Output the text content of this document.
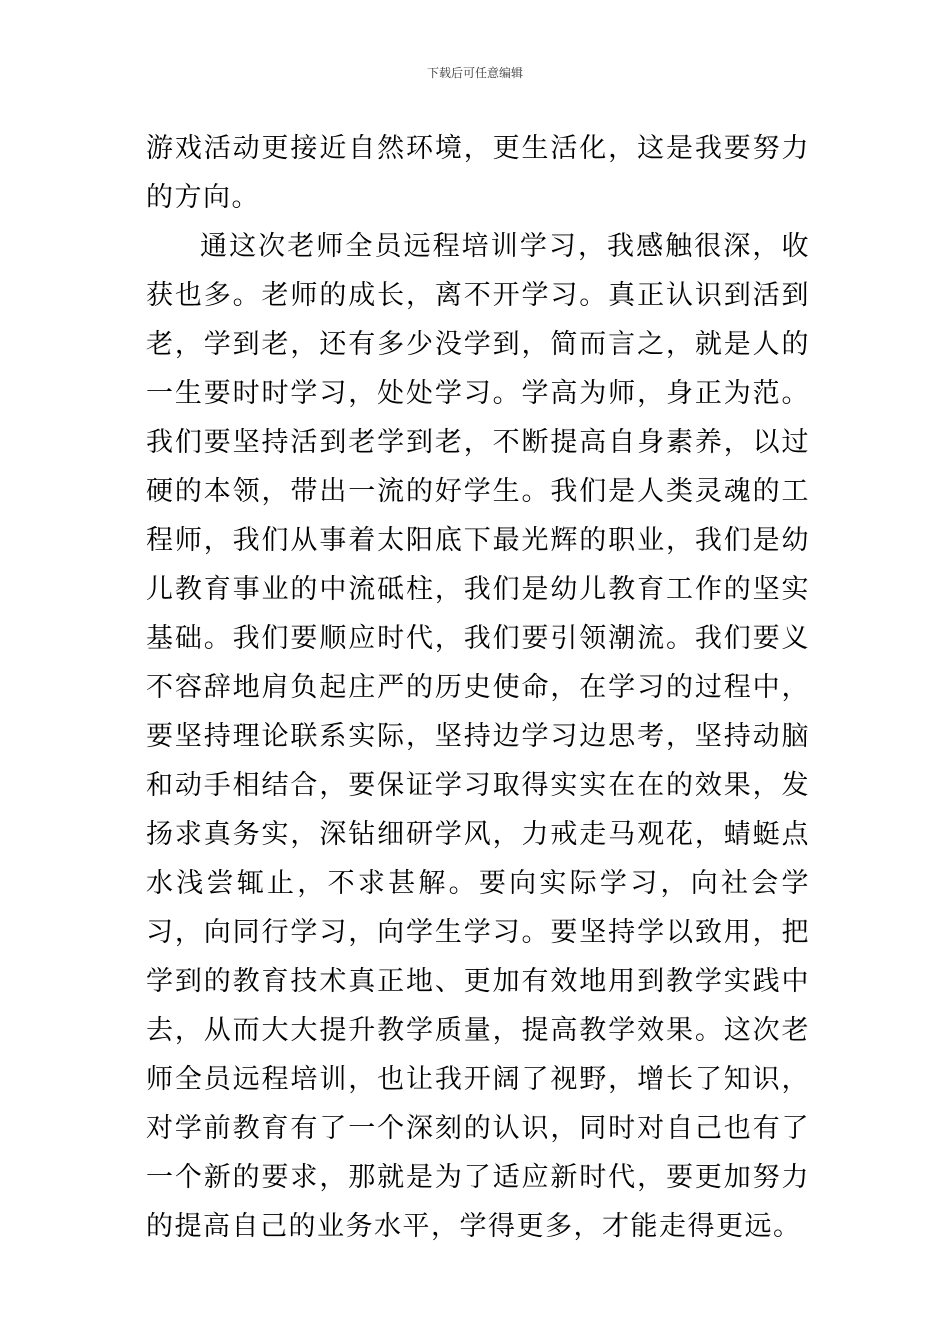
下载后可任意编辑

游戏活动更接近自然环境，更生活化，这是我要努力的方向。

通这次老师全员远程培训学习，我感触很深，收获也多。老师的成长，离不开学习。真正认识到活到老，学到老，还有多少没学到，简而言之，就是人的一生要时时学习，处处学习。学高为师，身正为范。我们要坚持活到老学到老，不断提高自身素养，以过硬的本领，带出一流的好学生。我们是人类灵魂的工程师，我们从事着太阳底下最光辉的职业，我们是幼儿教育事业的中流砥柱，我们是幼儿教育工作的坚实基础。我们要顺应时代，我们要引领潮流。我们要义不容辞地肩负起庄严的历史使命，在学习的过程中，要坚持理论联系实际，坚持边学习边思考，坚持动脑和动手相结合，要保证学习取得实实在在的效果，发扬求真务实，深钻细研学风，力戒走马观花，蜻蜓点水浅尝辄止，不求甚解。要向实际学习，向社会学习，向同行学习，向学生学习。要坚持学以致用，把学到的教育技术真正地、更加有效地用到教学实践中去，从而大大提升教学质量，提高教学效果。这次老师全员远程培训，也让我开阔了视野，增长了知识，对学前教育有了一个深刻的认识，同时对自己也有了一个新的要求，那就是为了适应新时代，要更加努力的提高自己的业务水平，学得更多，才能走得更远。
